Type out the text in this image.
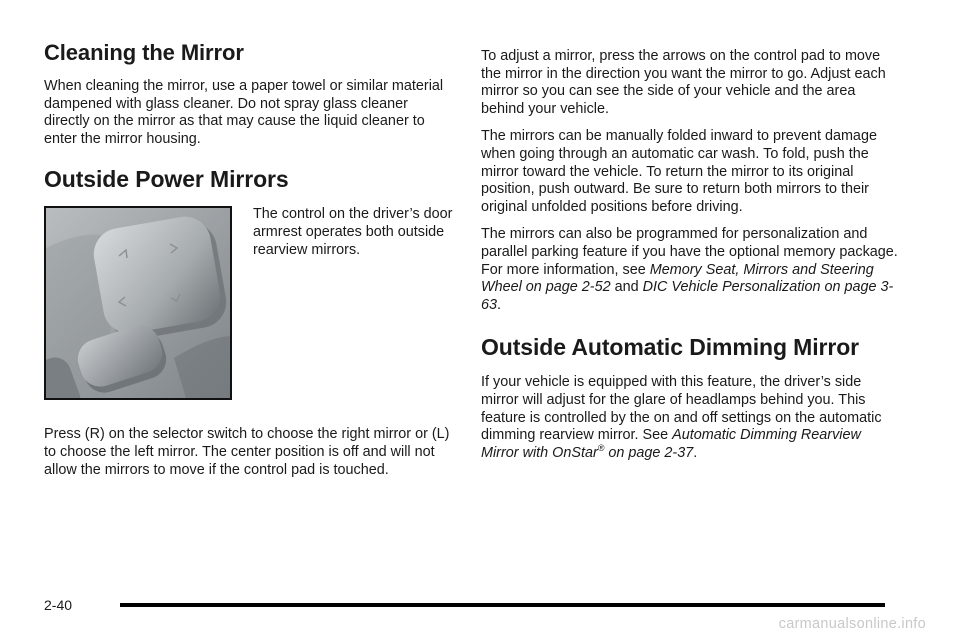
Cleaning the Mirror

When cleaning the mirror, use a paper towel or similar material dampened with glass cleaner. Do not spray glass cleaner directly on the mirror as that may cause the liquid cleaner to enter the mirror housing.

Outside Power Mirrors

The control on the driver’s door armrest operates both outside rearview mirrors.

Press (R) on the selector switch to choose the right mirror or (L) to choose the left mirror. The center position is off and will not allow the mirrors to move if the control pad is touched.

To adjust a mirror, press the arrows on the control pad to move the mirror in the direction you want the mirror to go. Adjust each mirror so you can see the side of your vehicle and the area behind your vehicle.

The mirrors can be manually folded inward to prevent damage when going through an automatic car wash. To fold, push the mirror toward the vehicle. To return the mirror to its original position, push outward. Be sure to return both mirrors to their original unfolded positions before driving.

The mirrors can also be programmed for personalization and parallel parking feature if you have the optional memory package. For more information, see Memory Seat, Mirrors and Steering Wheel on page 2-52 and DIC Vehicle Personalization on page 3-63.

Outside Automatic Dimming Mirror

If your vehicle is equipped with this feature, the driver’s side mirror will adjust for the glare of headlamps behind you. This feature is controlled by the on and off settings on the automatic dimming rearview mirror. See Automatic Dimming Rearview Mirror with OnStar® on page 2-37.

2-40
carmanualsonline.info
